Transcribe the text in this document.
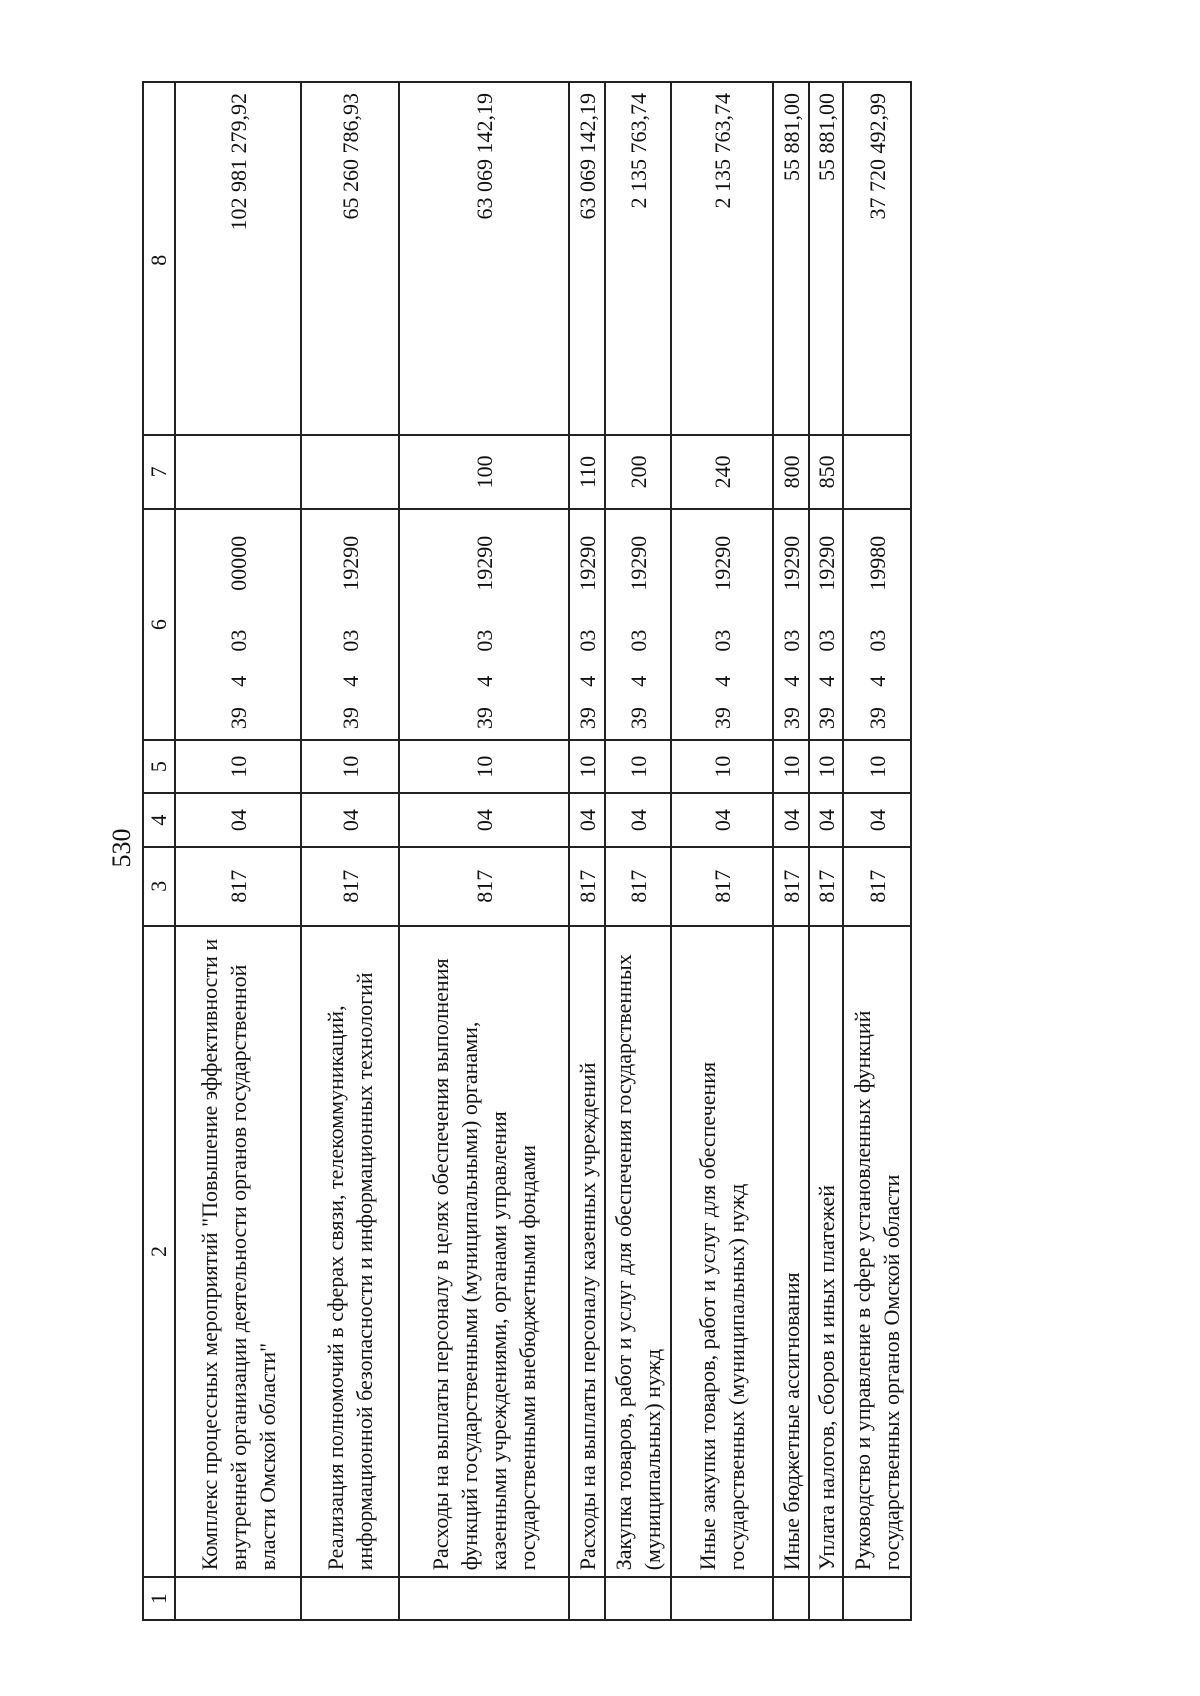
530
1	2	3	4	5	6				7	8
	Комплекс процессных мероприятий "Повышение эффективности и внутренней организации деятельности органов государственной власти Омской области"	817	04	10	39	4	03	00000		102 981 279,92
	Реализация полномочий в сферах связи, телекоммуникаций, информационной безопасности и информационных технологий	817	04	10	39	4	03	19290		65 260 786,93
	Расходы на выплаты персоналу в целях обеспечения выполнения функций государственными (муниципальными) органами, казенными учреждениями, органами управления государственными внебюджетными фондами	817	04	10	39	4	03	19290	100	63 069 142,19
	Расходы на выплаты персоналу казенных учреждений	817	04	10	39	4	03	19290	110	63 069 142,19
	Закупка товаров, работ и услуг для обеспечения государственных (муниципальных) нужд	817	04	10	39	4	03	19290	200	2 135 763,74
	Иные закупки товаров, работ и услуг для обеспечения государственных (муниципальных) нужд	817	04	10	39	4	03	19290	240	2 135 763,74
	Иные бюджетные ассигнования	817	04	10	39	4	03	19290	800	55 881,00
	Уплата налогов, сборов и иных платежей	817	04	10	39	4	03	19290	850	55 881,00
	Руководство и управление в сфере установленных функций государственных органов Омской области	817	04	10	39	4	03	19980		37 720 492,99
